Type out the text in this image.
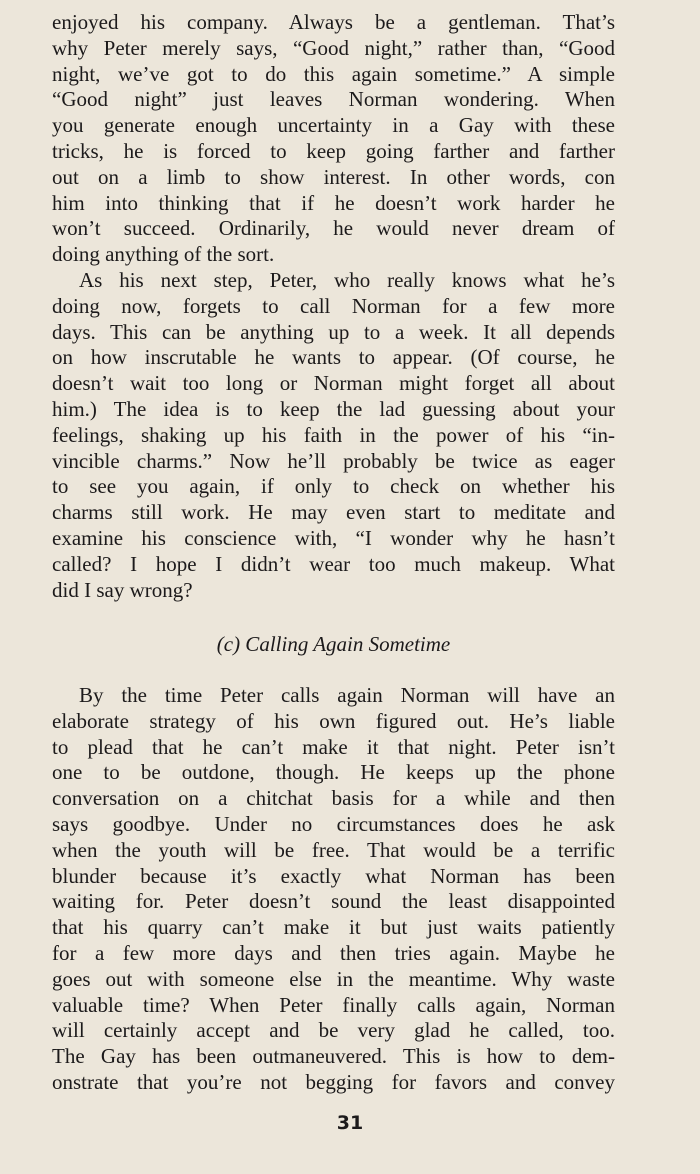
enjoyed his company. Always be a gentleman. That’s
why Peter merely says, “Good night,” rather than, “Good
night, we’ve got to do this again sometime.” A simple
“Good night” just leaves Norman wondering. When
you generate enough uncertainty in a Gay with these
tricks, he is forced to keep going farther and farther
out on a limb to show interest. In other words, con
him into thinking that if he doesn’t work harder he
won’t succeed. Ordinarily, he would never dream of
doing anything of the sort.
As his next step, Peter, who really knows what he’s
doing now, forgets to call Norman for a few more
days. This can be anything up to a week. It all depends
on how inscrutable he wants to appear. (Of course, he
doesn’t wait too long or Norman might forget all about
him.) The idea is to keep the lad guessing about your
feelings, shaking up his faith in the power of his “in-
vincible charms.” Now he’ll probably be twice as eager
to see you again, if only to check on whether his
charms still work. He may even start to meditate and
examine his conscience with, “I wonder why he hasn’t
called? I hope I didn’t wear too much makeup. What
did I say wrong?
(c) Calling Again Sometime
By the time Peter calls again Norman will have an
elaborate strategy of his own figured out. He’s liable
to plead that he can’t make it that night. Peter isn’t
one to be outdone, though. He keeps up the phone
conversation on a chitchat basis for a while and then
says goodbye. Under no circumstances does he ask
when the youth will be free. That would be a terrific
blunder because it’s exactly what Norman has been
waiting for. Peter doesn’t sound the least disappointed
that his quarry can’t make it but just waits patiently
for a few more days and then tries again. Maybe he
goes out with someone else in the meantime. Why waste
valuable time? When Peter finally calls again, Norman
will certainly accept and be very glad he called, too.
The Gay has been outmaneuvered. This is how to dem-
onstrate that you’re not begging for favors and convey
31
